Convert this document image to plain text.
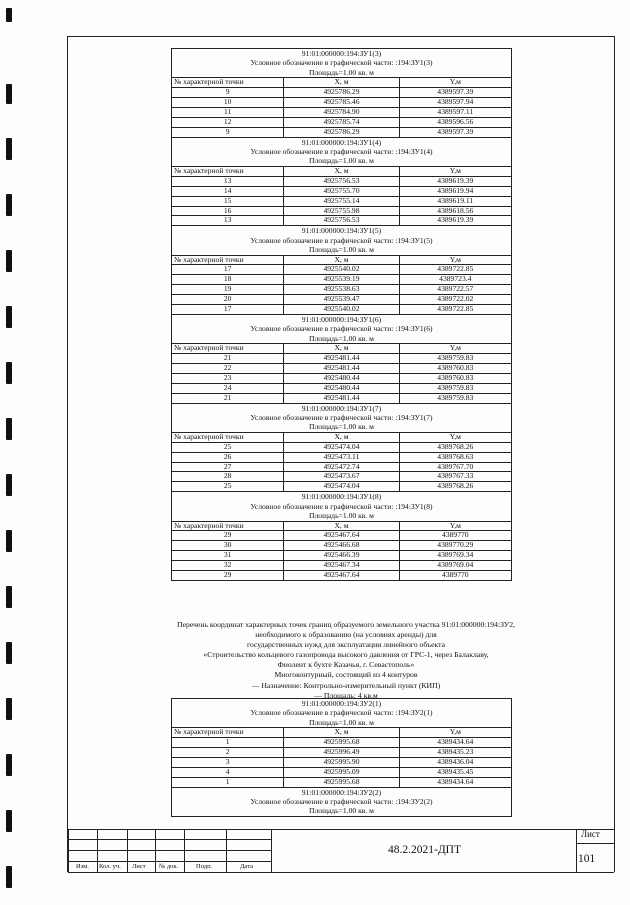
91:01:000000:194:ЗУ1(3)
Условное обозначение в графической части: :194:ЗУ1(3)
Площадь=1.00 кв. м
№ характерной точки	X, м	Y,м
9	4925786.29	4389597.39
10	4925785.46	4389597.94
11	4925784.90	4389597.11
12	4925785.74	4389596.56
9	4925786.29	4389597.39
91:01:000000:194:ЗУ1(4)
Условное обозначение в графической части: :194:ЗУ1(4)
Площадь=1.00 кв. м
№ характерной точки	X, м	Y,м
13	4925756.53	4389619.39
14	4925755.70	4389619.94
15	4925755.14	4389619.11
16	4925755.98	4389618.56
13	4925756.53	4389619.39
91:01:000000:194:ЗУ1(5)
Условное обозначение в графической части: :194:ЗУ1(5)
Площадь=1.00 кв. м
№ характерной точки	X, м	Y,м
17	4925540.02	4389722.85
18	4925539.19	4389723.4
19	4925538.63	4389722.57
20	4925539.47	4389722.02
17	4925540.02	4389722.85
91:01:000000:194:ЗУ1(6)
Условное обозначение в графической части: :194:ЗУ1(6)
Площадь=1.00 кв. м
№ характерной точки	X, м	Y,м
21	4925481.44	4389759.83
22	4925481.44	4389760.83
23	4925480.44	4389760.83
24	4925480.44	4389759.83
21	4925481.44	4389759.83
91:01:000000:194:ЗУ1(7)
Условное обозначение в графической части: :194:ЗУ1(7)
Площадь=1.00 кв. м
№ характерной точки	X, м	Y,м
25	4925474.04	4389768.26
26	4925473.11	4389768.63
27	4925472.74	4389767.70
28	4925473.67	4389767.33
25	4925474.04	4389768.26
91:01:000000:194:ЗУ1(8)
Условное обозначение в графической части: :194:ЗУ1(8)
Площадь=1.00 кв. м
№ характерной точки	X, м	Y,м
29	4925467.64	4389770
30	4925466.68	4389770.29
31	4925466.39	4389769.34
32	4925467.34	4389769.04
29	4925467.64	4389770
Перечень координат характерных точек границ образуемого земельного участка 91:01:000000:194:ЗУ2,
необходимого к образованию (на условиях аренды) для
государственных нужд для эксплуатации линейного объекта
«Строительство кольцевого газопровода высокого давления от ГРС-1, через Балаклаву,
Фиолент к бухте Казачья, г. Севастополь»
Многоконтурный, состоящий из 4 контуров
— Назначение: Контрольно-измерительный пункт (КИП)
— Площадь: 4 кв.м
91:01:000000:194:ЗУ2(1)
Условное обозначение в графической части: :194:ЗУ2(1)
Площадь=1.00 кв. м
№ характерной точки	X, м	Y,м
1	4925995.68	4389434.64
2	4925996.49	4389435.23
3	4925995.90	4389436.04
4	4925995.09	4389435.45
1	4925995.68	4389434.64
91:01:000000:194:ЗУ2(2)
Условное обозначение в графической части: :194:ЗУ2(2)
Площадь=1.00 кв. м
Изм. Кол. уч. Лист № док.	Подп.	Дата
48.2.2021-ДПТ
Лист
101
